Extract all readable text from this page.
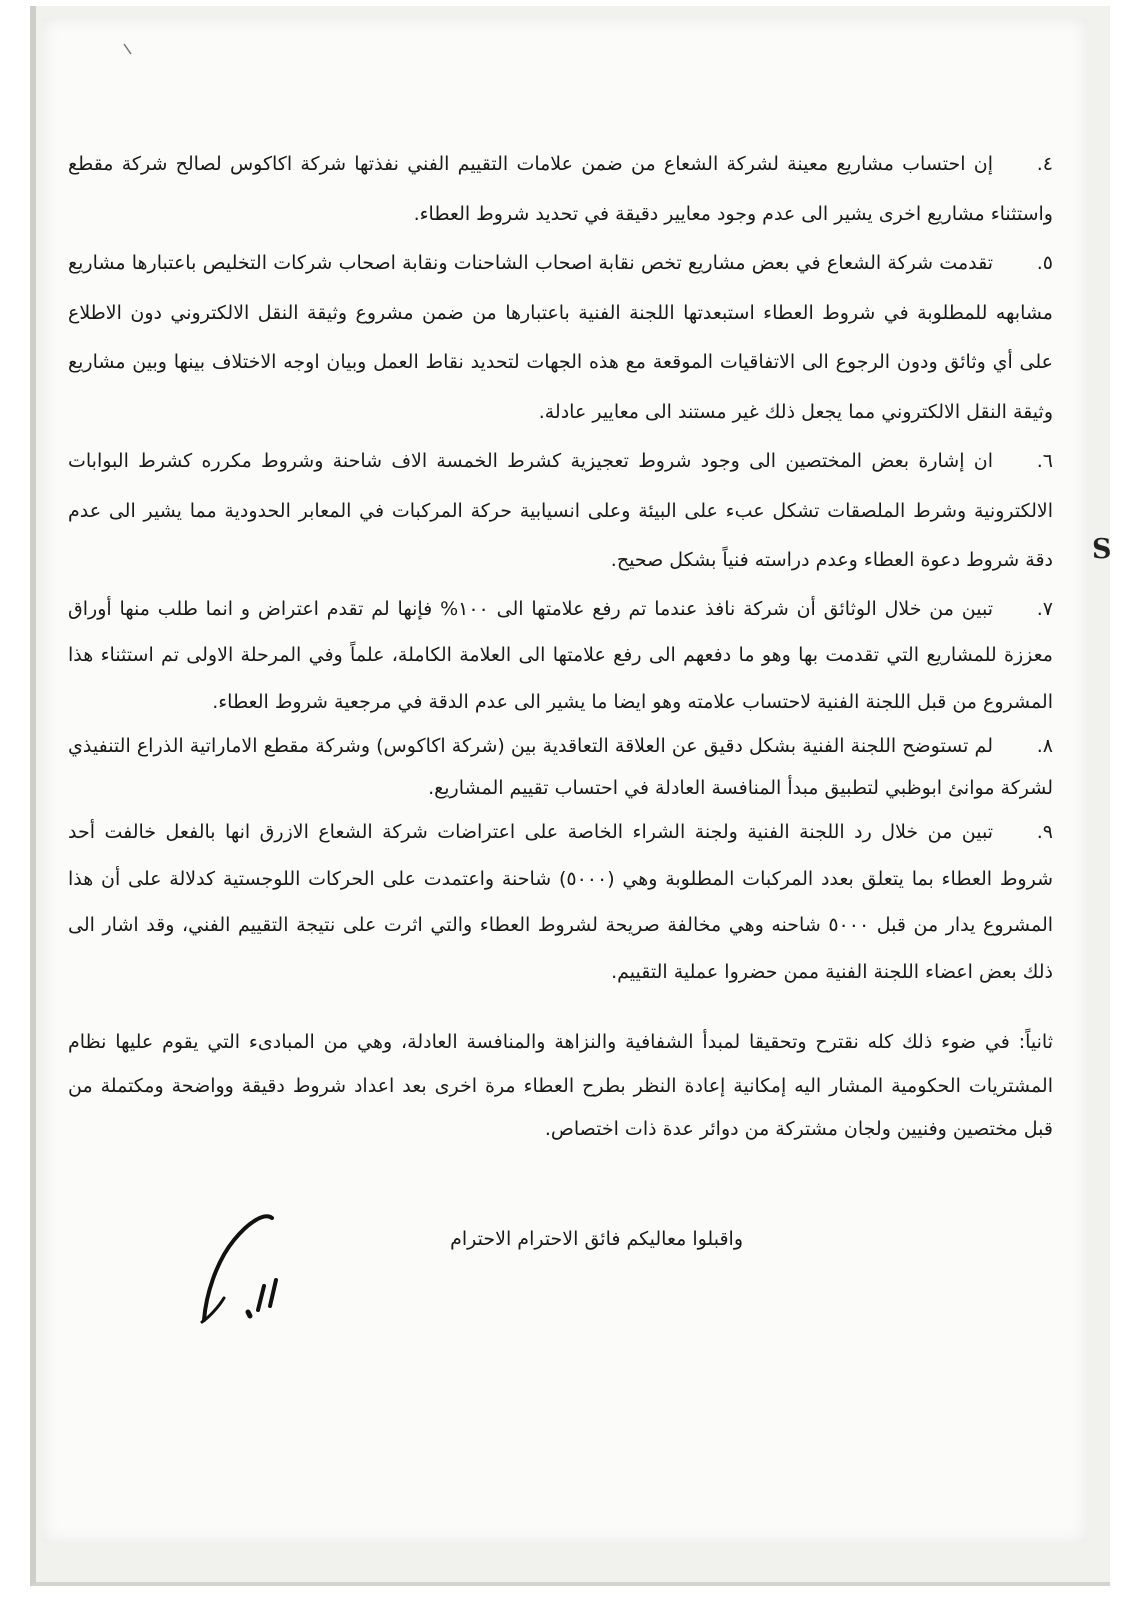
٤.إن احتساب مشاريع معينة لشركة الشعاع من ضمن علامات التقييم الفني نفذتها شركة اكاكوس لصالح شركة مقطع واستثناء مشاريع اخرى يشير الى عدم وجود معايير دقيقة في تحديد شروط العطاء.

٥.تقدمت شركة الشعاع في بعض مشاريع تخص نقابة اصحاب الشاحنات ونقابة اصحاب شركات التخليص باعتبارها مشاريع مشابهه للمطلوبة في شروط العطاء استبعدتها اللجنة الفنية باعتبارها من ضمن مشروع وثيقة النقل الالكتروني دون الاطلاع على أي وثائق ودون الرجوع الى الاتفاقيات الموقعة مع هذه الجهات لتحديد نقاط العمل وبيان اوجه الاختلاف بينها وبين مشاريع وثيقة النقل الالكتروني مما يجعل ذلك غير مستند الى معايير عادلة.

٦.ان إشارة بعض المختصين الى وجود شروط تعجيزية كشرط الخمسة الاف شاحنة وشروط مكرره كشرط البوابات الالكترونية وشرط الملصقات تشكل عبء على البيئة وعلى انسيابية حركة المركبات في المعابر الحدودية مما يشير الى عدم دقة شروط دعوة العطاء وعدم دراسته فنياً بشكل صحيح.

٧.تبين من خلال الوثائق أن شركة نافذ عندما تم رفع علامتها الى ١٠٠% فإنها لم تقدم اعتراض و انما طلب منها أوراق معززة للمشاريع التي تقدمت بها وهو ما دفعهم الى رفع علامتها الى العلامة الكاملة، علماً وفي المرحلة الاولى تم استثناء هذا المشروع من قبل اللجنة الفنية لاحتساب علامته وهو ايضا ما يشير الى عدم الدقة في مرجعية شروط العطاء.

٨.لم تستوضح اللجنة الفنية بشكل دقيق عن العلاقة التعاقدية بين (شركة اكاكوس) وشركة مقطع الاماراتية الذراع التنفيذي لشركة موانئ ابوظبي لتطبيق مبدأ المنافسة العادلة في احتساب تقييم المشاريع.

٩.تبين من خلال رد اللجنة الفنية ولجنة الشراء الخاصة على اعتراضات شركة الشعاع الازرق انها بالفعل خالفت أحد شروط العطاء بما يتعلق بعدد المركبات المطلوبة وهي (٥٠٠٠) شاحنة واعتمدت على الحركات اللوجستية كدلالة على أن هذا المشروع يدار من قبل ٥٠٠٠ شاحنه وهي مخالفة صريحة لشروط العطاء والتي اثرت على نتيجة التقييم الفني، وقد اشار الى ذلك بعض اعضاء اللجنة الفنية ممن حضروا عملية التقييم.

ثانياً: في ضوء ذلك كله نقترح وتحقيقا لمبدأ الشفافية والنزاهة والمنافسة العادلة، وهي من المبادىء التي يقوم عليها نظام المشتريات الحكومية المشار اليه إمكانية إعادة النظر بطرح العطاء مرة اخرى بعد اعداد شروط دقيقة وواضحة ومكتملة من قبل مختصين وفنيين ولجان مشتركة من دوائر عدة ذات اختصاص.

واقبلوا معاليكم فائق الاحترام الاحترام
S
